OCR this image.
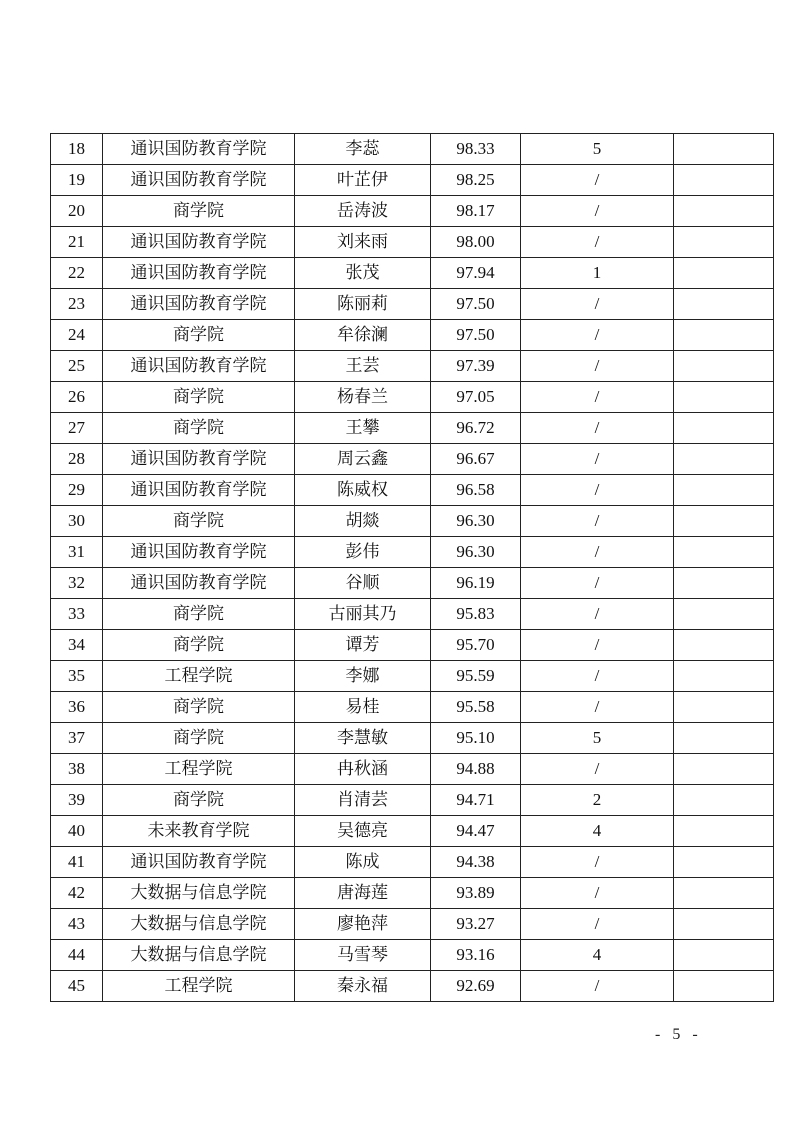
18	通识国防教育学院	李蕊	98.33	5	
19	通识国防教育学院	叶芷伊	98.25	/	
20	商学院	岳涛波	98.17	/	
21	通识国防教育学院	刘来雨	98.00	/	
22	通识国防教育学院	张茂	97.94	1	
23	通识国防教育学院	陈丽莉	97.50	/	
24	商学院	牟徐澜	97.50	/	
25	通识国防教育学院	王芸	97.39	/	
26	商学院	杨春兰	97.05	/	
27	商学院	王攀	96.72	/	
28	通识国防教育学院	周云鑫	96.67	/	
29	通识国防教育学院	陈威权	96.58	/	
30	商学院	胡燚	96.30	/	
31	通识国防教育学院	彭伟	96.30	/	
32	通识国防教育学院	谷顺	96.19	/	
33	商学院	古丽其乃	95.83	/	
34	商学院	谭芳	95.70	/	
35	工程学院	李娜	95.59	/	
36	商学院	易桂	95.58	/	
37	商学院	李慧敏	95.10	5	
38	工程学院	冉秋涵	94.88	/	
39	商学院	肖清芸	94.71	2	
40	未来教育学院	吴德亮	94.47	4	
41	通识国防教育学院	陈成	94.38	/	
42	大数据与信息学院	唐海莲	93.89	/	
43	大数据与信息学院	廖艳萍	93.27	/	
44	大数据与信息学院	马雪琴	93.16	4	
45	工程学院	秦永福	92.69	/	
- 5 -
